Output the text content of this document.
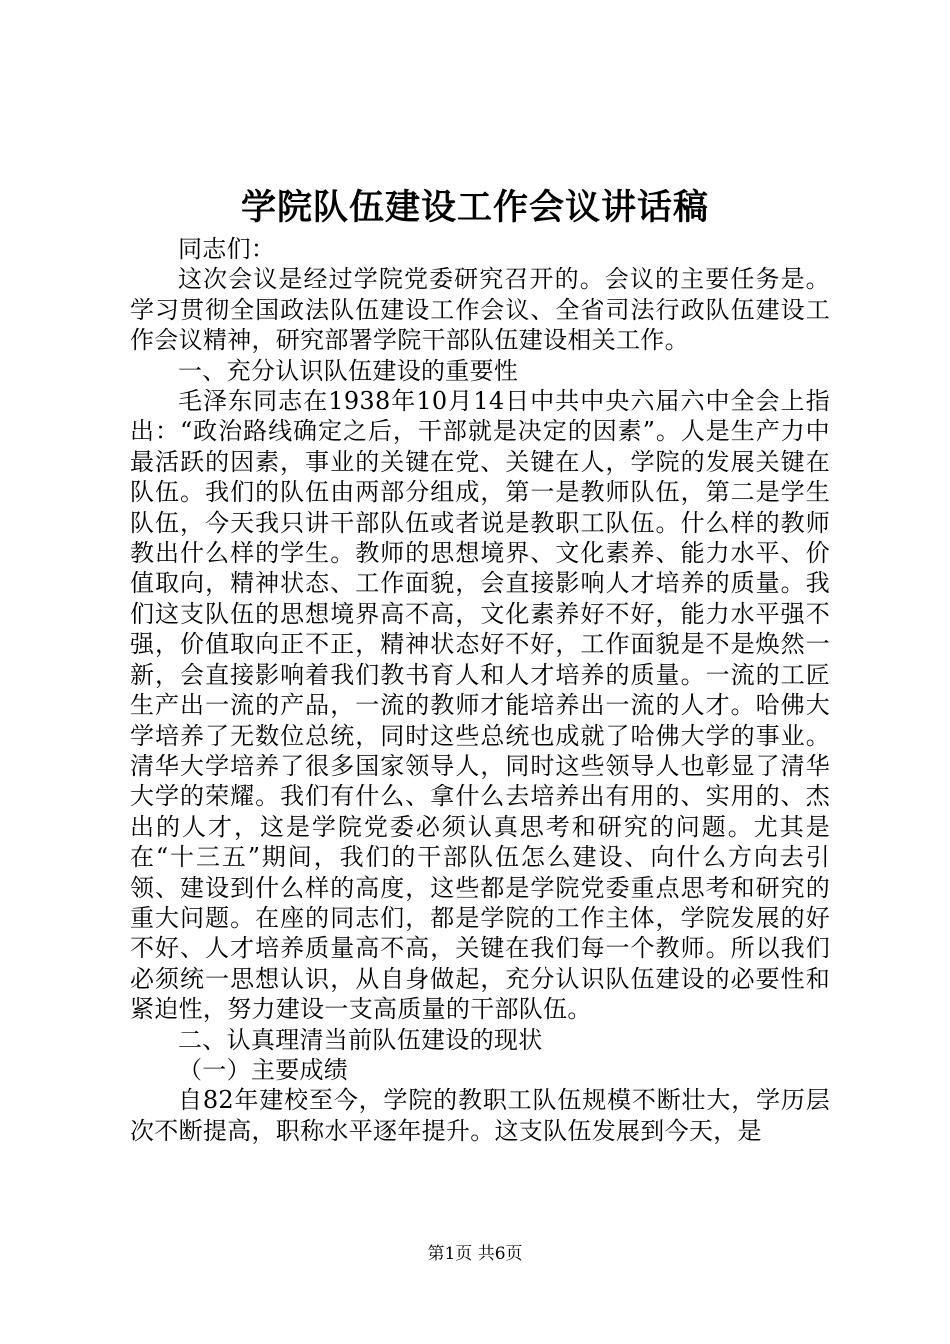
学院队伍建设工作会议讲话稿

同志们：

这次会议是经过学院党委研究召开的。会议的主要任务是。学习贯彻全国政法队伍建设工作会议、全省司法行政队伍建设工作会议精神，研究部署学院干部队伍建设相关工作。

一、充分认识队伍建设的重要性

毛泽东同志在1938年10月14日中共中央六届六中全会上指出：“政治路线确定之后，干部就是决定的因素”。人是生产力中最活跃的因素，事业的关键在党、关键在人，学院的发展关键在队伍。我们的队伍由两部分组成，第一是教师队伍，第二是学生队伍，今天我只讲干部队伍或者说是教职工队伍。什么样的教师教出什么样的学生。教师的思想境界、文化素养、能力水平、价值取向，精神状态、工作面貌，会直接影响人才培养的质量。我们这支队伍的思想境界高不高，文化素养好不好，能力水平强不强，价值取向正不正，精神状态好不好，工作面貌是不是焕然一新，会直接影响着我们教书育人和人才培养的质量。一流的工匠生产出一流的产品，一流的教师才能培养出一流的人才。哈佛大学培养了无数位总统，同时这些总统也成就了哈佛大学的事业。清华大学培养了很多国家领导人，同时这些领导人也彰显了清华大学的荣耀。我们有什么、拿什么去培养出有用的、实用的、杰出的人才，这是学院党委必须认真思考和研究的问题。尤其是在“十三五”期间，我们的干部队伍怎么建设、向什么方向去引领、建设到什么样的高度，这些都是学院党委重点思考和研究的重大问题。在座的同志们，都是学院的工作主体，学院发展的好不好、人才培养质量高不高，关键在我们每一个教师。所以我们必须统一思想认识，从自身做起，充分认识队伍建设的必要性和紧迫性，努力建设一支高质量的干部队伍。

二、认真理清当前队伍建设的现状

（一）主要成绩

自82年建校至今，学院的教职工队伍规模不断壮大，学历层次不断提高，职称水平逐年提升。这支队伍发展到今天，是

第1页 共6页
